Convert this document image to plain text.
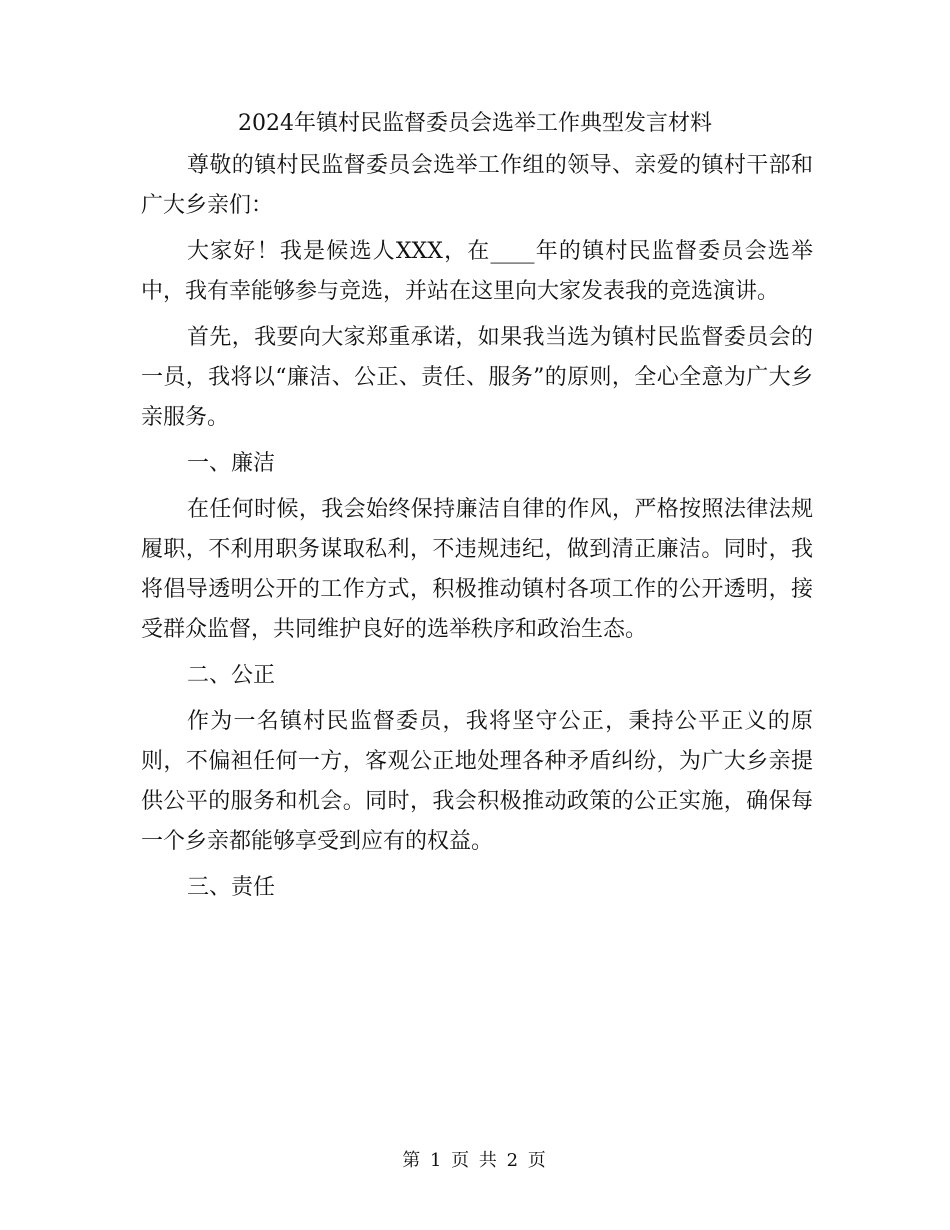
2024年镇村民监督委员会选举工作典型发言材料

尊敬的镇村民监督委员会选举工作组的领导、亲爱的镇村干部和广大乡亲们：

大家好！我是候选人XXX，在____年的镇村民监督委员会选举中，我有幸能够参与竞选，并站在这里向大家发表我的竞选演讲。

首先，我要向大家郑重承诺，如果我当选为镇村民监督委员会的一员，我将以“廉洁、公正、责任、服务”的原则，全心全意为广大乡亲服务。

一、廉洁

在任何时候，我会始终保持廉洁自律的作风，严格按照法律法规履职，不利用职务谋取私利，不违规违纪，做到清正廉洁。同时，我将倡导透明公开的工作方式，积极推动镇村各项工作的公开透明，接受群众监督，共同维护良好的选举秩序和政治生态。

二、公正

作为一名镇村民监督委员，我将坚守公正，秉持公平正义的原则，不偏袒任何一方，客观公正地处理各种矛盾纠纷，为广大乡亲提供公平的服务和机会。同时，我会积极推动政策的公正实施，确保每一个乡亲都能够享受到应有的权益。

三、责任

第 1 页 共 2 页
